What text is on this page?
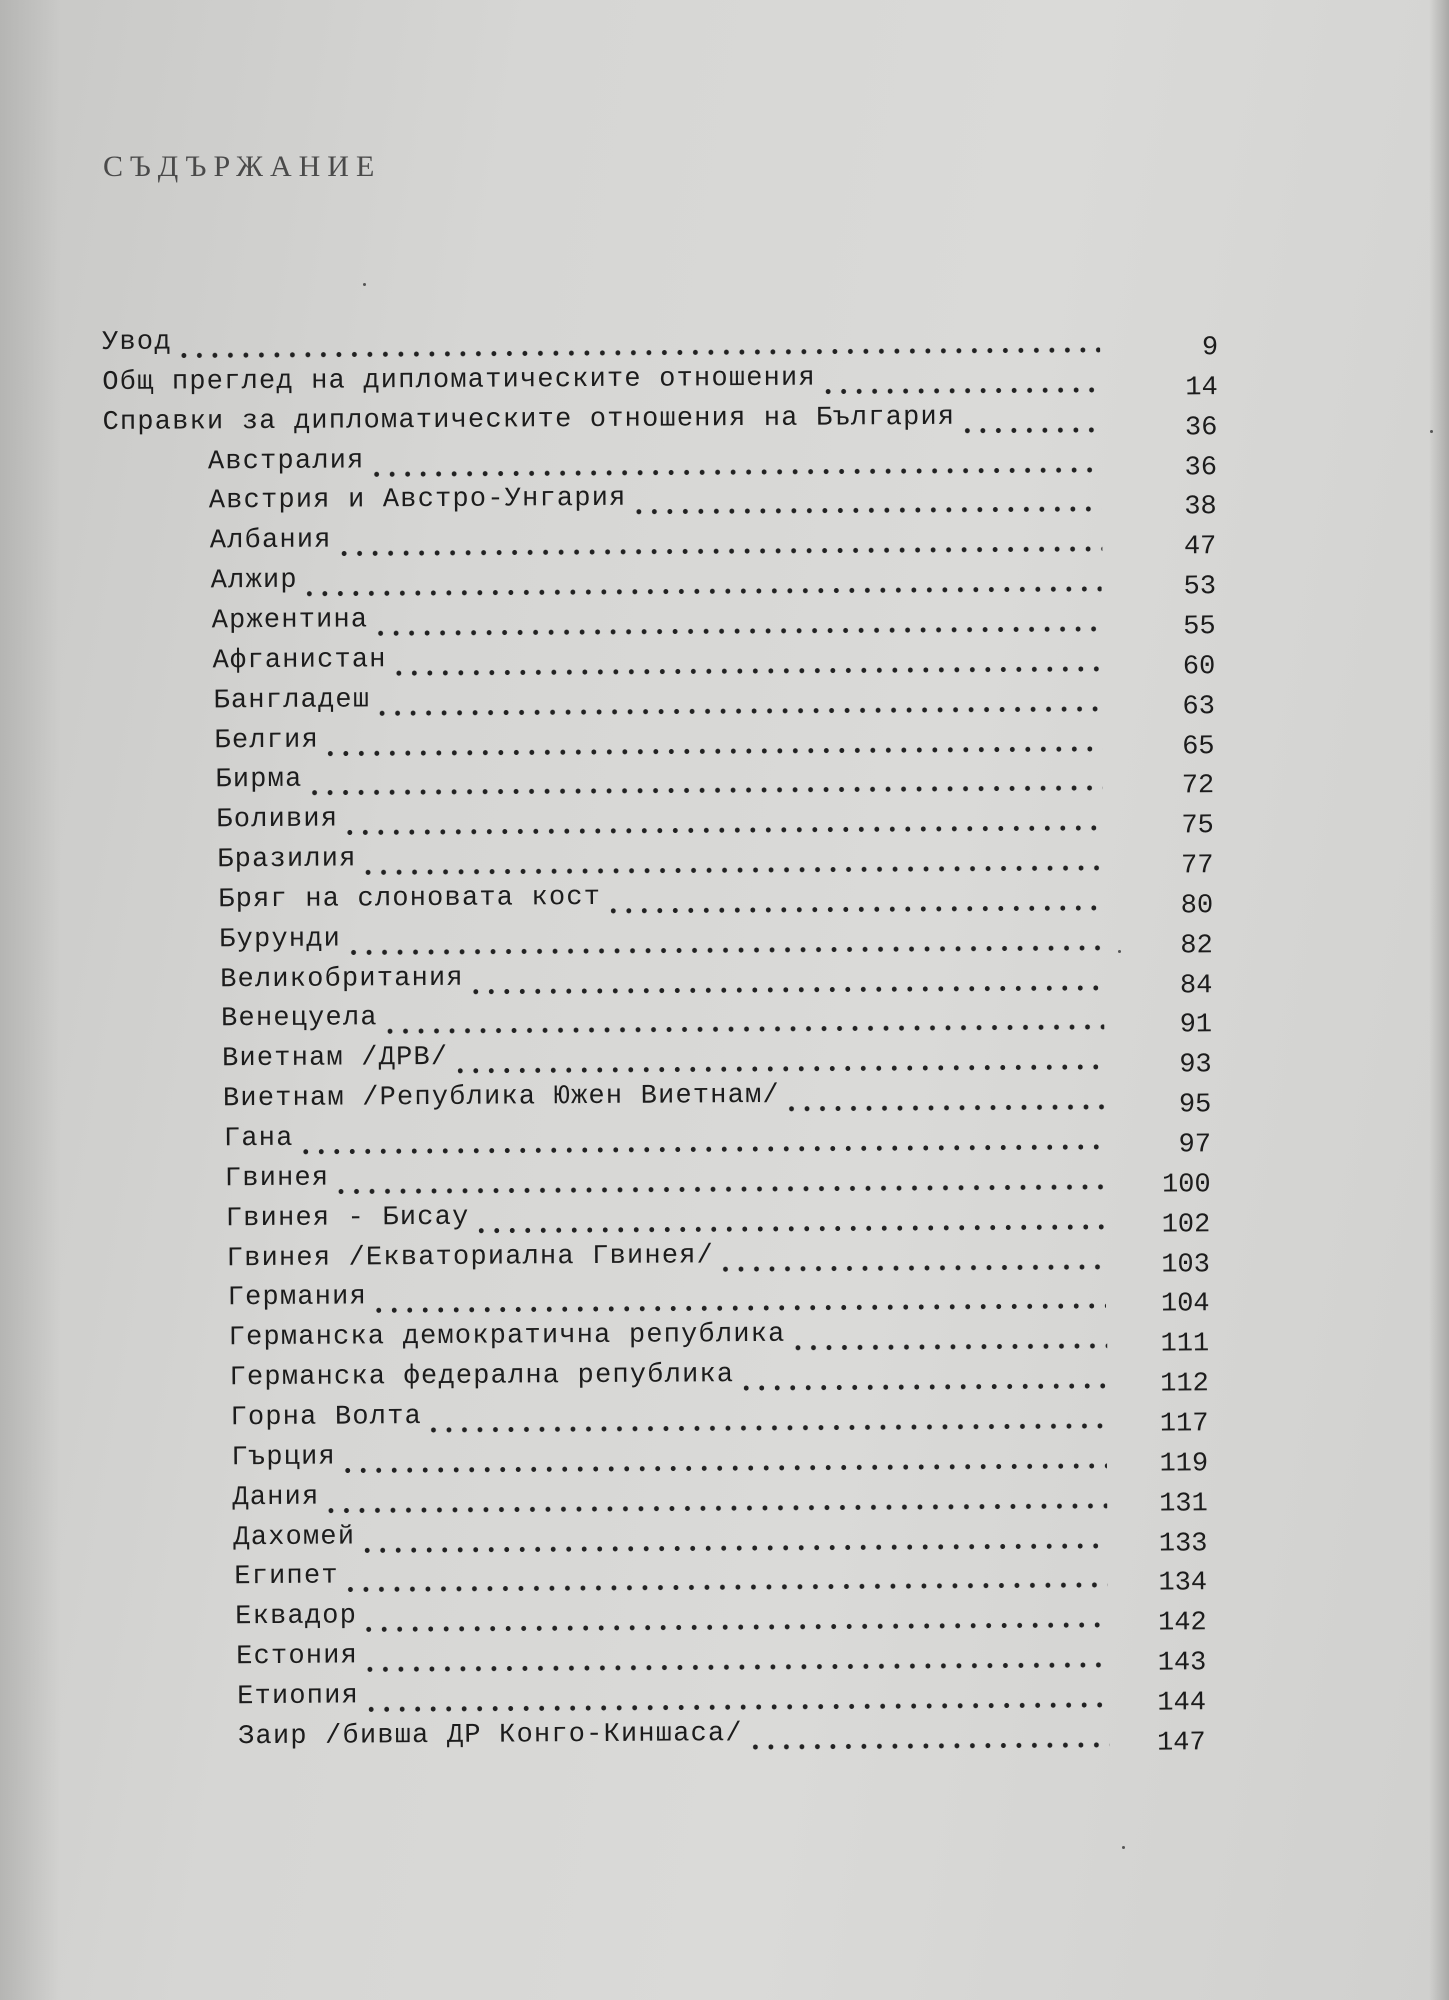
СЪДЪРЖАНИЕ
Увод	9
Общ преглед на дипломатическите отношения	14
Справки за дипломатическите отношения на България	36
Австралия	36
Австрия и Австро-Унгария	38
Албания	47
Алжир	53
Аржентина	55
Афганистан	60
Бангладеш	63
Белгия	65
Бирма	72
Боливия	75
Бразилия	77
Бряг на слоновата кост	80
Бурунди	82
Великобритания	84
Венецуела	91
Виетнам /ДРВ/	93
Виетнам /Република Южен Виетнам/	95
Гана	97
Гвинея	100
Гвинея - Бисау	102
Гвинея /Екваториална Гвинея/	103
Германия	104
Германска демократична република	111
Германска федерална република	112
Горна Волта	117
Гърция	119
Дания	131
Дахомей	133
Египет	134
Еквадор	142
Естония	143
Етиопия	144
Заир /бивша ДР Конго-Киншаса/	147
